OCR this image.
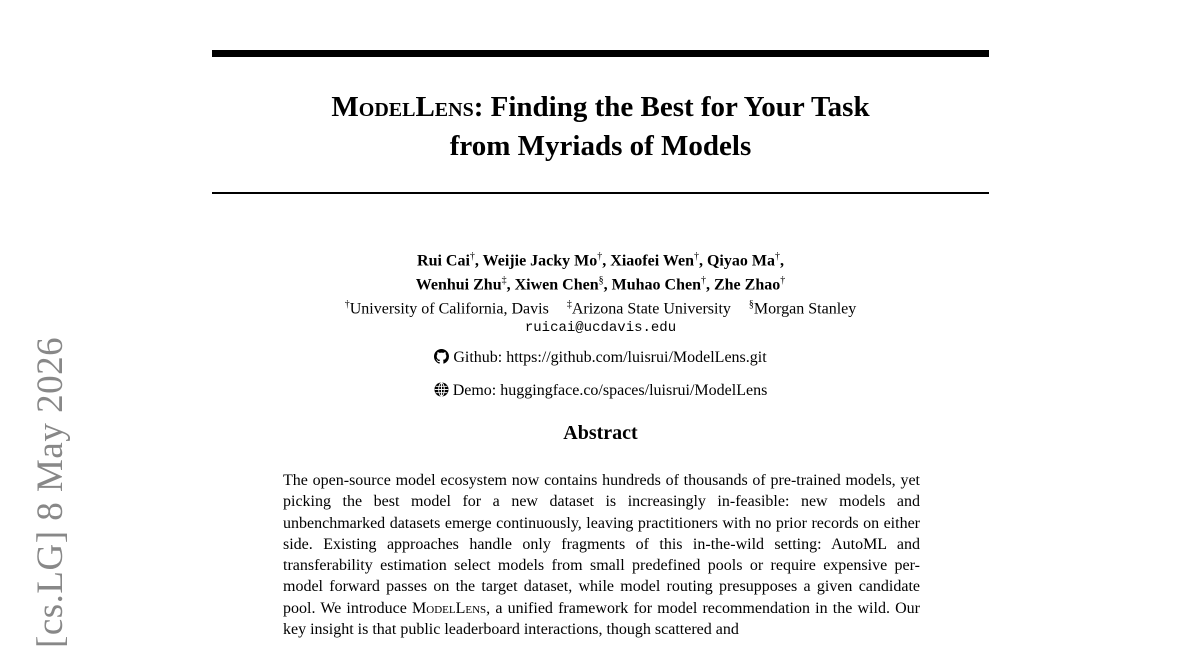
[cs.LG] 8 May 2026
ModelLens: Finding the Best for Your Task
from Myriads of Models
Rui Cai†, Weijie Jacky Mo†, Xiaofei Wen†, Qiyao Ma†,
Wenhui Zhu‡, Xiwen Chen§, Muhao Chen†, Zhe Zhao†
†University of California, Davis ‡Arizona State University §Morgan Stanley
ruicai@ucdavis.edu
Github: https://github.com/luisrui/ModelLens.git
Demo: huggingface.co/spaces/luisrui/ModelLens
Abstract
The open-source model ecosystem now contains hundreds of thousands of pre-trained models, yet picking the best model for a new dataset is increasingly in-feasible: new models and unbenchmarked datasets emerge continuously, leaving practitioners with no prior records on either side. Existing approaches handle only fragments of this in-the-wild setting: AutoML and transferability estimation select models from small predefined pools or require expensive per-model forward passes on the target dataset, while model routing presupposes a given candidate pool. We introduce ModelLens, a unified framework for model recommendation in the wild. Our key insight is that public leaderboard interactions, though scattered and
